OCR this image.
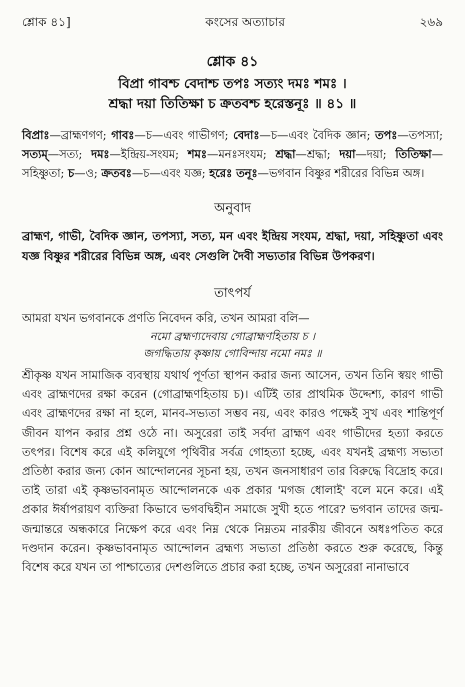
শ্লোক ৪১]	কংসের অত্যাচার	২৬৯
শ্লোক ৪১
বিপ্রা গাবশ্চ বেদাশ্চ তপঃ সত্যং দমঃ শমঃ ।
শ্রদ্ধা দয়া তিতিক্ষা চ ক্রতবশ্চ হরেস্তনূঃ ॥ ৪১ ॥
বিপ্রাঃ—ব্রাহ্মণগণ; গাবঃ—চ—এবং গাভীগণ; বেদাঃ—চ—এবং বৈদিক জ্ঞান; তপঃ—তপস্যা; সত্যম্—সত্য; দমঃ—ইন্দ্রিয়-সংযম; শমঃ—মনঃসংযম; শ্রদ্ধা—শ্রদ্ধা; দয়া—দয়া; তিতিক্ষা—সহিষ্ণুতা; চ—ও; ক্রতবঃ—চ—এবং যজ্ঞ; হরেঃ তনূঃ—ভগবান বিষ্ণুর শরীরের বিভিন্ন অঙ্গ।
অনুবাদ
ব্রাহ্মণ, গাভী, বৈদিক জ্ঞান, তপস্যা, সত্য, মন এবং ইন্দ্রিয় সংযম, শ্রদ্ধা, দয়া, সহিষ্ণুতা এবং যজ্ঞ বিষ্ণুর শরীরের বিভিন্ন অঙ্গ, এবং সেগুলি দৈবী সভ্যতার বিভিন্ন উপকরণ।
তাৎপর্য
আমরা যখন ভগবানকে প্রণতি নিবেদন করি, তখন আমরা বলি—
নমো ব্রহ্মণ্যদেবায় গোব্রাহ্মণহিতায় চ ।
জগদ্ধিতায় কৃষ্ণায় গোবিন্দায় নমো নমঃ ॥
শ্রীকৃষ্ণ যখন সামাজিক ব্যবস্থায় যথার্থ পূর্ণতা স্থাপন করার জন্য আসেন, তখন তিনি স্বয়ং গাভী এবং ব্রাহ্মণদের রক্ষা করেন (গোব্রাহ্মণহিতায় চ)। এটিই তার প্রাথমিক উদ্দেশ্য, কারণ গাভী এবং ব্রাহ্মণদের রক্ষা না হলে, মানব-সভ্যতা সম্ভব নয়, এবং কারও পক্ষেই সুখ এবং শান্তিপূর্ণ জীবন যাপন করার প্রশ্ন ওঠে না। অসুরেরা তাই সর্বদা ব্রাহ্মণ এবং গাভীদের হত্যা করতে তৎপর। বিশেষ করে এই কলিযুগে পৃথিবীর সর্বত্র গোহত্যা হচ্ছে, এবং যখনই ব্রহ্মণ্য সভ্যতা প্রতিষ্ঠা করার জন্য কোন আন্দোলনের সূচনা হয়, তখন জনসাধারণ তার বিরুদ্ধে বিদ্রোহ করে। তাই তারা এই কৃষ্ণভাবনামৃত আন্দোলনকে এক প্রকার 'মগজ ধোলাই' বলে মনে করে। এই প্রকার ঈর্ষাপরায়ণ ব্যক্তিরা কিভাবে ভগবদ্বিহীন সমাজে সুখী হতে পারে? ভগবান তাদের জন্ম-জন্মান্তরে অন্ধকারে নিক্ষেপ করে এবং নিম্ন থেকে নিম্নতম নারকীয় জীবনে অধঃপতিত করে দণ্ডদান করেন। কৃষ্ণভাবনামৃত আন্দোলন ব্রহ্মণ্য সভ্যতা প্রতিষ্ঠা করতে শুরু করেছে, কিন্তু বিশেষ করে যখন তা পাশ্চাত্যের দেশগুলিতে প্রচার করা হচ্ছে, তখন অসুরেরা নানাভাবে
